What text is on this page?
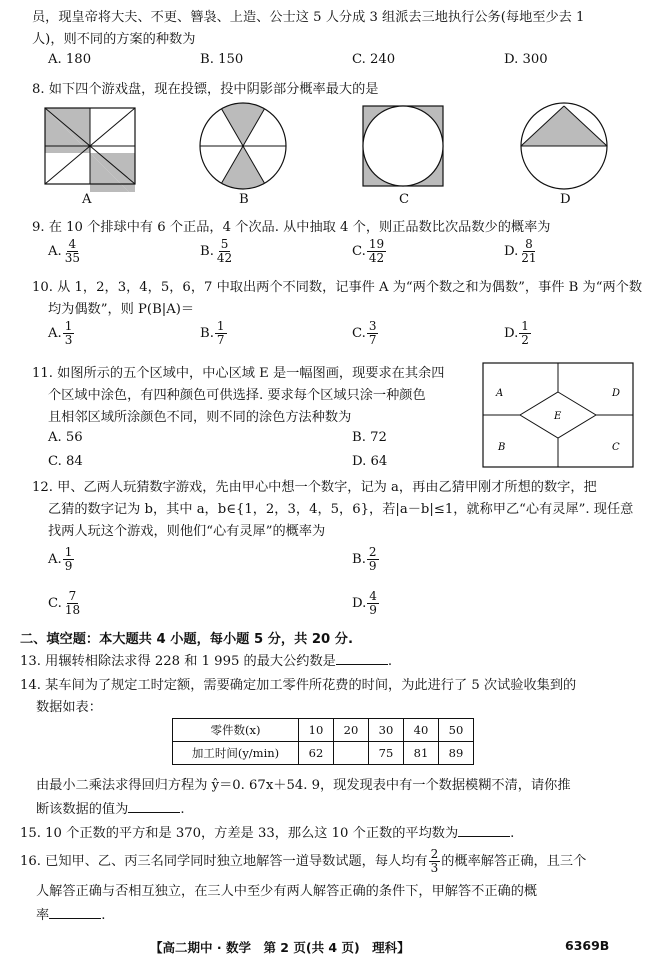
员，现皇帝将大夫、不更、簪袅、上造、公士这 5 人分成 3 组派去三地执行公务(每地至少去 1
人)，则不同的方案的种数为
A. 180	B. 150	C. 240	D. 300
8. 如下四个游戏盘，现在投镖，投中阴影部分概率最大的是
A	B	C	D
9. 在 10 个排球中有 6 个正品，4 个次品. 从中抽取 4 个，则正品数比次品数少的概率为
A. $\frac{4}{35}$	B. $\frac{5}{42}$	C. $\frac{19}{42}$	D. $\frac{8}{21}$
10. 从 1，2，3，4，5，6，7 中取出两个不同数，记事件 A 为“两个数之和为偶数”，事件 B 为“两个数
均为偶数”，则 P(B|A)＝
A. $\frac{1}{3}$	B. $\frac{1}{7}$	C. $\frac{3}{7}$	D. $\frac{1}{2}$
11. 如图所示的五个区域中，中心区域 E 是一幅图画，现要求在其余四
个区域中涂色，有四种颜色可供选择. 要求每个区域只涂一种颜色
且相邻区域所涂颜色不同，则不同的涂色方法种数为
A. 56	B. 72
C. 84	D. 64
A	D
E
B	C
12. 甲、乙两人玩猜数字游戏，先由甲心中想一个数字，记为 a，再由乙猜甲刚才所想的数字，把
乙猜的数字记为 b，其中 a，b∈{1，2，3，4，5，6}，若|a－b|≤1，就称甲乙“心有灵犀”. 现任意
找两人玩这个游戏，则他们“心有灵犀”的概率为
A. $\frac{1}{9}$	B. $\frac{2}{9}$
C. $\frac{7}{18}$	D. $\frac{4}{9}$
二、填空题：本大题共 4 小题，每小题 5 分，共 20 分.
13. 用辗转相除法求得 228 和 1 995 的最大公约数是	.
14. 某车间为了规定工时定额，需要确定加工零件所花费的时间，为此进行了 5 次试验收集到的
数据如表：
零件数(x)	10	20	30	40	50
加工时间(y/min)	62		75	81	89
由最小二乘法求得回归方程为 ŷ＝0. 67x＋54. 9，现发现表中有一个数据模糊不清，请你推
断该数据的值为	.
15. 10 个正数的平方和是 370，方差是 33，那么这 10 个正数的平均数为	.
16. 已知甲、乙、丙三名同学同时独立地解答一道导数试题，每人均有 $\frac{2}{3}$ 的概率解答正确，且三个
人解答正确与否相互独立，在三人中至少有两人解答正确的条件下，甲解答不正确的概
率	.
【高二期中 · 数学　第 2 页(共 4 页)　理科】	6369B
